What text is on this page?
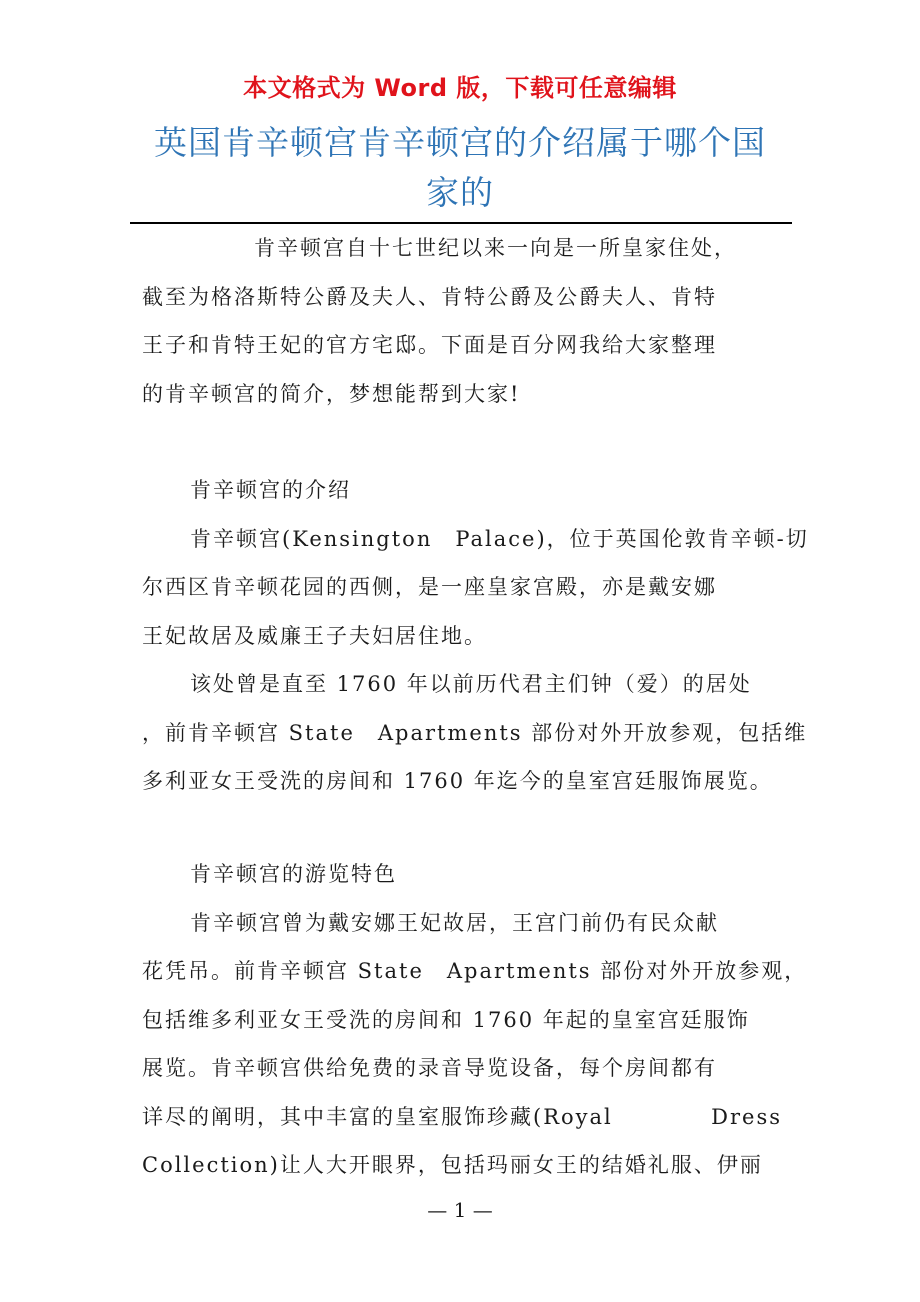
本文格式为 Word 版，下载可任意编辑
英国肯辛顿宫肯辛顿宫的介绍属于哪个国
家的
肯辛顿宫自十七世纪以来一向是一所皇家住处，
截至为格洛斯特公爵及夫人、肯特公爵及公爵夫人、肯特
王子和肯特王妃的官方宅邸。下面是百分网我给大家整理
的肯辛顿宫的简介，梦想能帮到大家!
肯辛顿宫的介绍
肯辛顿宫(Kensington　Palace)，位于英国伦敦肯辛顿-切
尔西区肯辛顿花园的西侧，是一座皇家宫殿，亦是戴安娜
王妃故居及威廉王子夫妇居住地。
该处曾是直至 1760 年以前历代君主们钟（爱）的居处
，前肯辛顿宫 State　Apartments 部份对外开放参观，包括维
多利亚女王受洗的房间和 1760 年迄今的皇室宫廷服饰展览。
肯辛顿宫的游览特色
肯辛顿宫曾为戴安娜王妃故居，王宫门前仍有民众献
花凭吊。前肯辛顿宫 State　Apartments 部份对外开放参观，
包括维多利亚女王受洗的房间和 1760 年起的皇室宫廷服饰
展览。肯辛顿宫供给免费的录音导览设备，每个房间都有
详尽的阐明，其中丰富的皇室服饰珍藏(Royal	Dress
Collection)让人大开眼界，包括玛丽女王的结婚礼服、伊丽
— 1 —
